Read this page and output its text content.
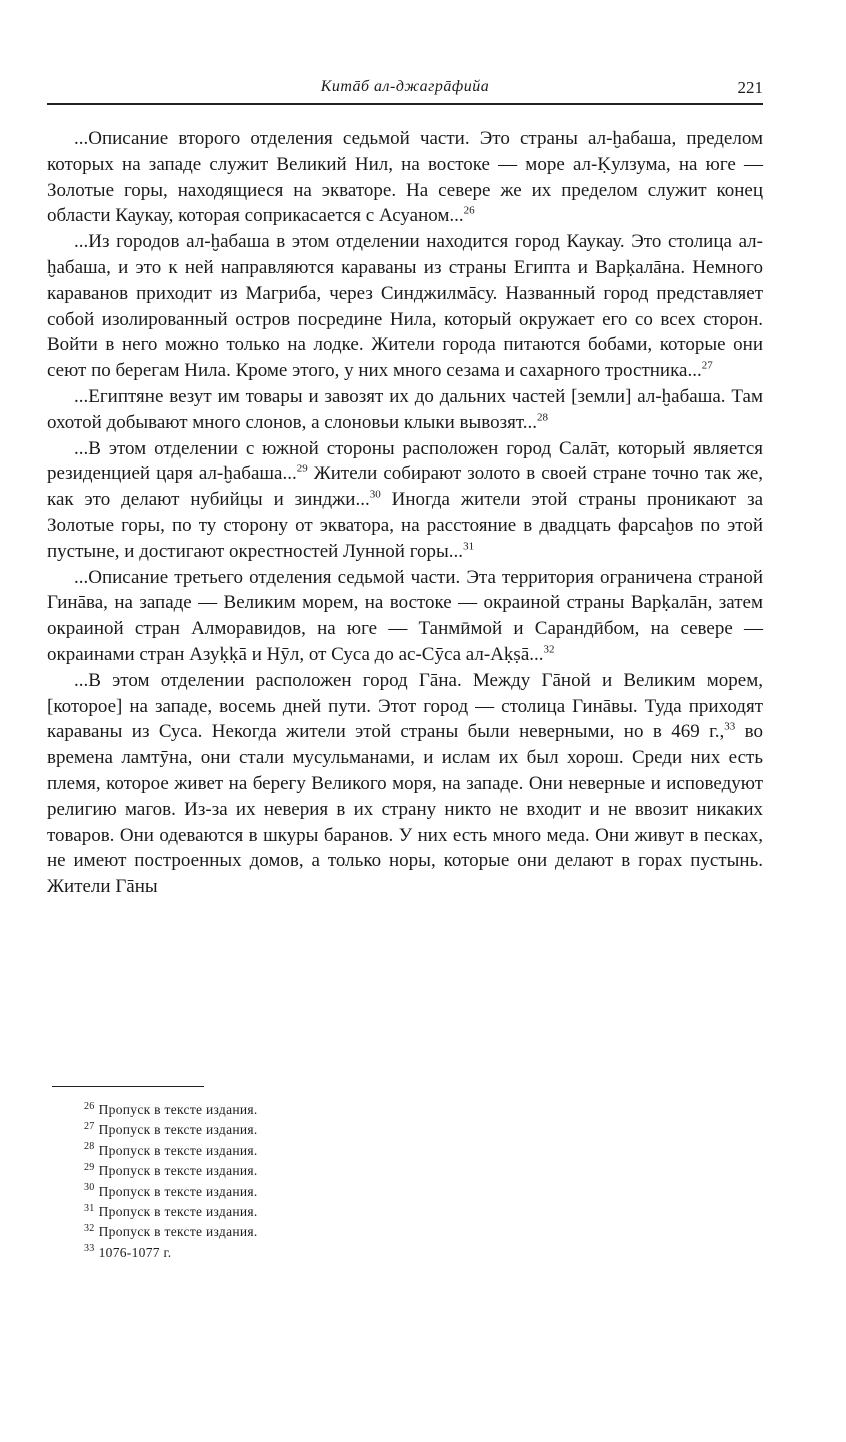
Китāб ал-джагрāфийа	221

...Описание второго отделения седьмой части. Это страны ал-ḫабаша, пределом которых на западе служит Великий Нил, на востоке — море ал-Ḳулзума, на юге — Золотые горы, находящиеся на экваторе. На севере же их пределом служит конец области Каукау, которая соприкасается с Асуаном...$^{26}$

...Из городов ал-ḫабаша в этом отделении находится город Каукау. Это столица ал-ḫабаша, и это к ней направляются караваны из страны Египта и Варḳалāна. Немного караванов приходит из Магриба, через Синджилмāсу. Названный город представляет собой изолированный остров посредине Нила, который окружает его со всех сторон. Войти в него можно только на лодке. Жители города питаются бобами, которые они сеют по берегам Нила. Кроме этого, у них много сезама и сахарного тростника...$^{27}$

...Египтяне везут им товары и завозят их до дальних частей [земли] ал-ḫабаша. Там охотой добывают много слонов, а слоновьи клыки вывозят...$^{28}$

...В этом отделении с южной стороны расположен город Салāт, который является резиденцией царя ал-ḫабаша...$^{29}$ Жители собирают золото в своей стране точно так же, как это делают нубийцы и зинджи...$^{30}$ Иногда жители этой страны проникают за Золотые горы, по ту сторону от экватора, на расстояние в двадцать фарсаḫов по этой пустыне, и достигают окрестностей Лунной горы...$^{31}$

...Описание третьего отделения седьмой части. Эта территория ограничена страной Гинāва, на западе — Великим морем, на востоке — окраиной страны Варḳалāн, затем окраиной стран Алморавидов, на юге — Танмӣмой и Сарандӣбом, на севере — окраинами стран Азуḳḳā и Нӯл, от Суса до ас-Сӯса ал-Аḳṣā...$^{32}$

...В этом отделении расположен город Гāна. Между Гāной и Великим морем, [которое] на западе, восемь дней пути. Этот город — столица Гинāвы. Туда приходят караваны из Суса. Некогда жители этой страны были неверными, но в 469 г.,$^{33}$ во времена ламтӯна, они стали мусульманами, и ислам их был хорош. Среди них есть племя, которое живет на берегу Великого моря, на западе. Они неверные и исповедуют религию магов. Из-за их неверия в их страну никто не входит и не ввозит никаких товаров. Они одеваются в шкуры баранов. У них есть много меда. Они живут в песках, не имеют построенных домов, а только норы, которые они делают в горах пустынь. Жители Гāны

$^{26}$ Пропуск в тексте издания.
$^{27}$ Пропуск в тексте издания.
$^{28}$ Пропуск в тексте издания.
$^{29}$ Пропуск в тексте издания.
$^{30}$ Пропуск в тексте издания.
$^{31}$ Пропуск в тексте издания.
$^{32}$ Пропуск в тексте издания.
$^{33}$ 1076-1077 г.
